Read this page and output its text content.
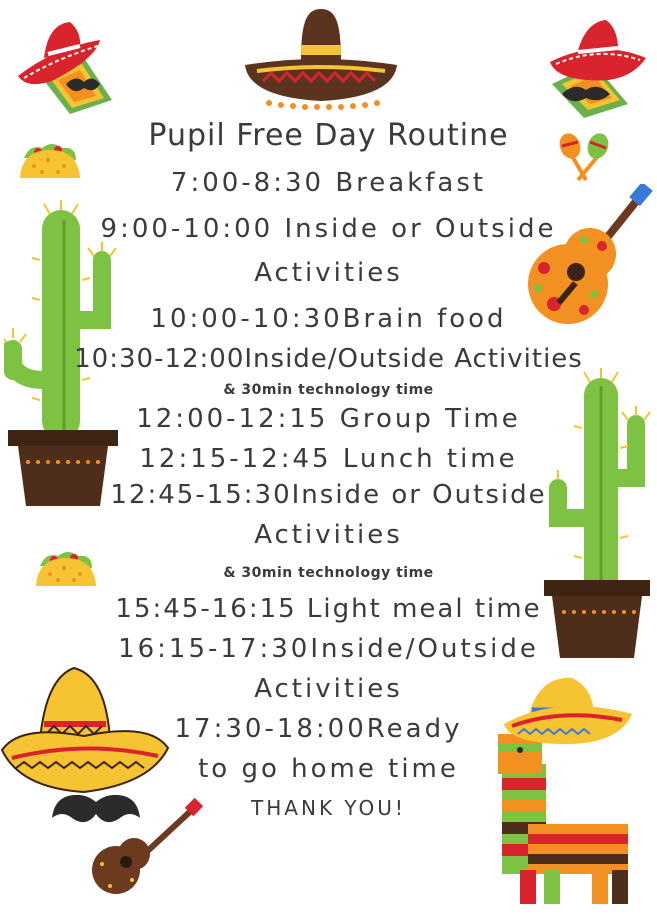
Pupil Free Day Routine
7:00-8:30 Breakfast
9:00-10:00 Inside or Outside
Activities
10:00-10:30Brain food
10:30-12:00Inside/Outside Activities
& 30min technology time
12:00-12:15 Group Time
12:15-12:45 Lunch time
12:45-15:30Inside or Outside
Activities
& 30min technology time
15:45-16:15 Light meal time
16:15-17:30Inside/Outside
Activities
17:30-18:00Ready
to go home time
THANK YOU!
